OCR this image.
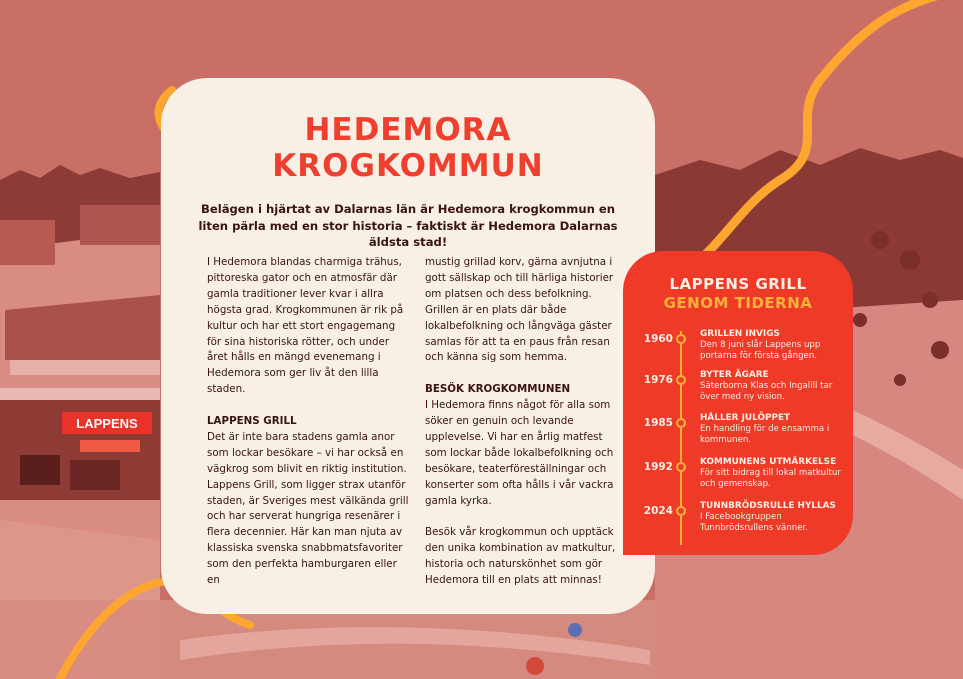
LAPPENS
HEDEMORA
KROGKOMMUN

Belägen i hjärtat av Dalarnas län är Hedemora krogkommun en liten pärla med en stor historia – faktiskt är Hedemora Dalarnas äldsta stad!

I Hedemora blandas charmiga trähus, pittoreska gator och en atmosfär där gamla traditioner lever kvar i allra högsta grad. Krogkommunen är rik på kultur och har ett stort engagemang för sina historiska rötter, och under året hålls en mängd evenemang i Hedemora som ger liv åt den lilla staden.

LAPPENS GRILL

Det är inte bara stadens gamla anor som lockar besökare – vi har också en vägkrog som blivit en riktig institution. Lappens Grill, som ligger strax utanför staden, är Sveriges mest välkända grill och har serverat hungriga resenärer i flera decennier. Här kan man njuta av klassiska svenska snabbmatsfavoriter som den perfekta hamburgaren eller en

mustig grillad korv, gärna avnjutna i gott sällskap och till härliga historier om platsen och dess befolkning. Grillen är en plats där både lokalbefolkning och långväga gäster samlas för att ta en paus från resan och känna sig som hemma.

BESÖK KROGKOMMUNEN

I Hedemora finns något för alla som söker en genuin och levande upplevelse. Vi har en årlig matfest som lockar både lokalbefolkning och besökare, teaterföreställningar och konserter som ofta hålls i vår vackra gamla kyrka.

Besök vår krogkommun och upptäck den unika kombination av matkultur, historia och naturskönhet som gör Hedemora till en plats att minnas!

LAPPENS GRILL

GENOM TIDERNA

1960	GRILLEN INVIGS
Den 8 juni slår Lappens upp portarna för första gången.
1976	BYTER ÄGARE
Säterborna Klas och Ingalill tar över med ny vision.
1985	HÅLLER JULÖPPET
En handling för de ensamma i kommunen.
1992	KOMMUNENS UTMÄRKELSE
För sitt bidrag till lokal matkultur och gemenskap.
2024	TUNNBRÖDSRULLE HYLLAS
I Facebookgruppen Tunnbrödsrullens vänner.
